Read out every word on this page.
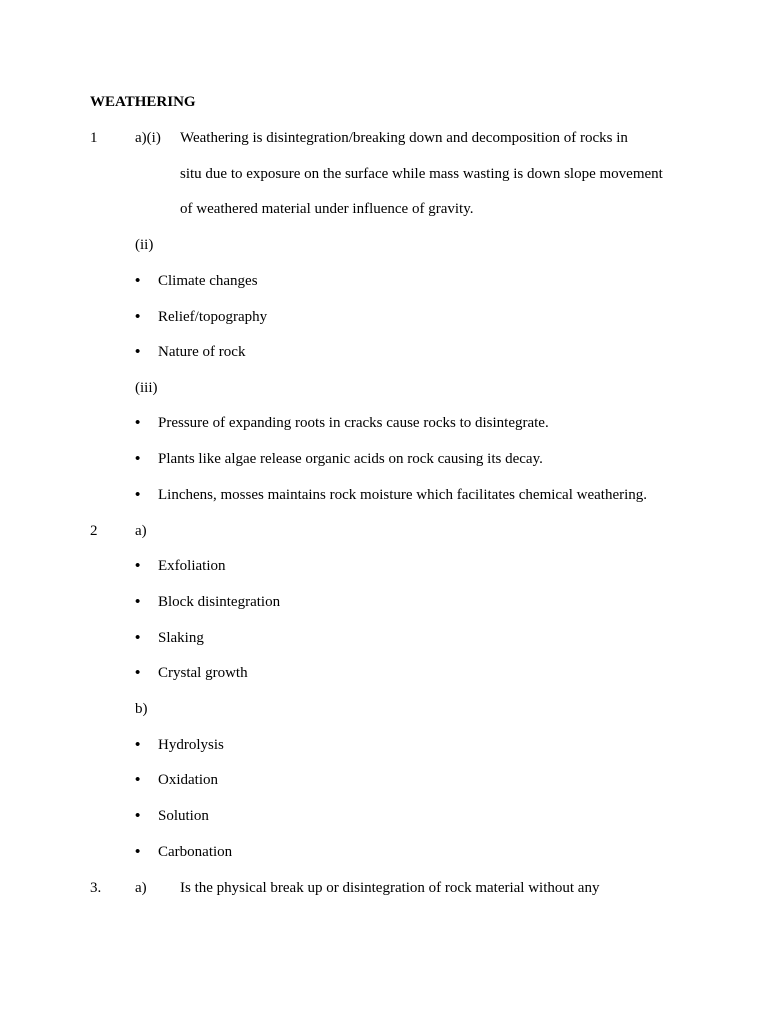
WEATHERING
1	a)(i) Weathering is disintegration/breaking down and decomposition of rocks in
situ due to exposure on the surface while mass wasting is down slope movement
of weathered material under influence of gravity.
(ii)
•Climate changes
•Relief/topography
•Nature of rock
(iii)
•Pressure of expanding roots in cracks cause rocks to disintegrate.
•Plants like algae release organic acids on rock causing its decay.
•Linchens, mosses maintains rock moisture which facilitates chemical weathering.
2	a)
•Exfoliation
•Block disintegration
•Slaking
•Crystal growth
b)
•Hydrolysis
•Oxidation
•Solution
•Carbonation
3. a) Is the physical break up or disintegration of rock material without any
